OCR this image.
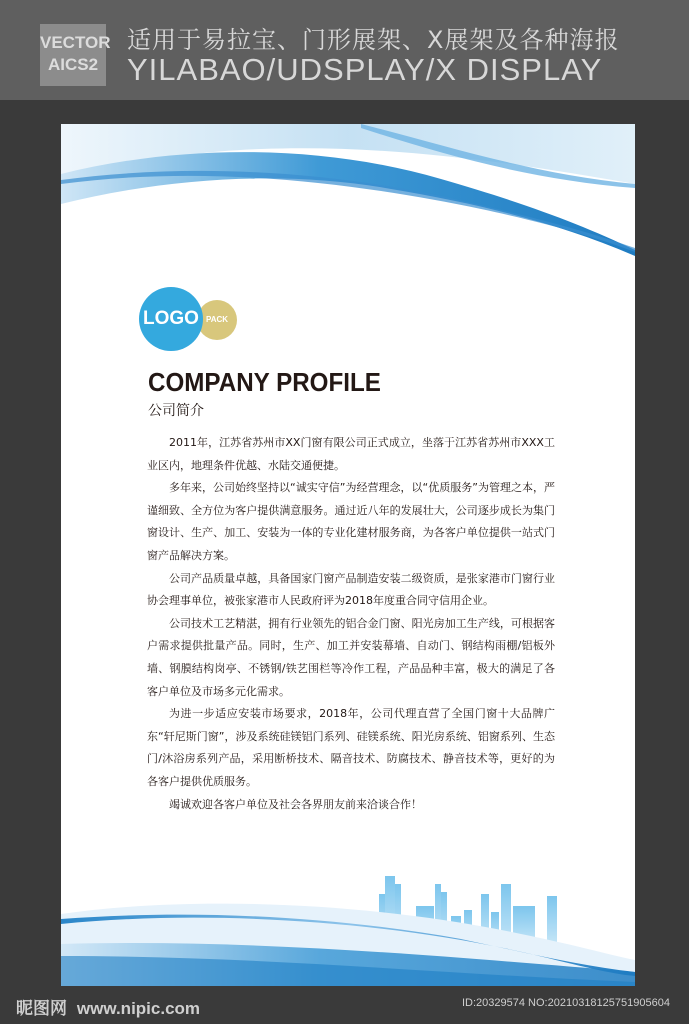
VECTOR
AICS2
适用于易拉宝、门形展架、X展架及各种海报
YILABAO/UDSPLAY/X DISPLAY
PACK
LOGO
COMPANY PROFILE
公司简介

2011年，江苏省苏州市XX门窗有限公司正式成立，坐落于江苏省苏州市XXX工业区内，地理条件优越、水陆交通便捷。

多年来，公司始终坚持以“诚实守信”为经营理念，以“优质服务”为管理之本，严谨细致、全方位为客户提供满意服务。通过近八年的发展壮大，公司逐步成长为集门窗设计、生产、加工、安装为一体的专业化建材服务商，为各客户单位提供一站式门窗产品解决方案。

公司产品质量卓越，具备国家门窗产品制造安装二级资质，是张家港市门窗行业协会理事单位，被张家港市人民政府评为2018年度重合同守信用企业。

公司技术工艺精湛，拥有行业领先的铝合金门窗、阳光房加工生产线，可根据客户需求提供批量产品。同时，生产、加工并安装幕墙、自动门、钢结构雨棚/铝板外墙、钢膜结构岗亭、不锈钢/铁艺围栏等冷作工程，产品品种丰富，极大的满足了各客户单位及市场多元化需求。

为进一步适应安装市场要求，2018年，公司代理直营了全国门窗十大品牌广东“轩尼斯门窗”，涉及系统硅镁铝门系列、硅镁系统、阳光房系统、铝窗系列、生态门/沐浴房系列产品，采用断桥技术、隔音技术、防腐技术、静音技术等，更好的为各客户提供优质服务。

竭诚欢迎各客户单位及社会各界朋友前来洽谈合作！

昵图网 www.nipic.com	ID:20329574 NO:20210318125751905604
